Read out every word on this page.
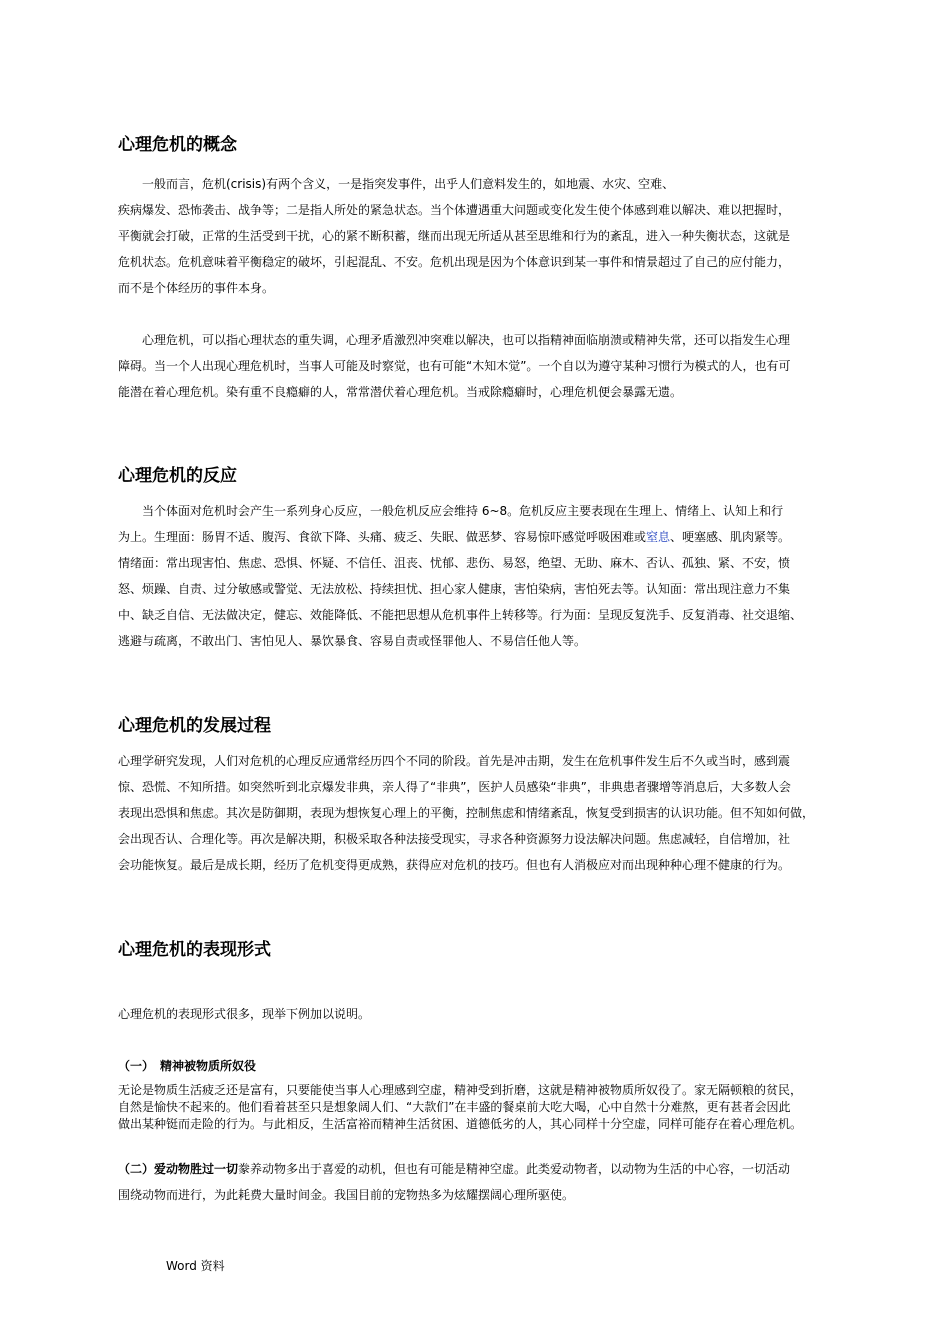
心理危机的概念
　　一般而言，危机(crisis)有两个含义，一是指突发事件，出乎人们意料发生的，如地震、水灾、空难、
疾病爆发、恐怖袭击、战争等；二是指人所处的紧急状态。当个体遭遇重大问题或变化发生使个体感到难以解决、难以把握时，
平衡就会打破，正常的生活受到干扰，心的紧不断积蓄，继而出现无所适从甚至思维和行为的紊乱，进入一种失衡状态，这就是
危机状态。危机意味着平衡稳定的破坏，引起混乱、不安。危机出现是因为个体意识到某一事件和情景超过了自己的应付能力，
而不是个体经历的事件本身。
　　心理危机，可以指心理状态的重失调，心理矛盾激烈冲突难以解决，也可以指精神面临崩溃或精神失常，还可以指发生心理
障碍。当一个人出现心理危机时，当事人可能及时察觉，也有可能“木知木觉”。一个自以为遵守某种习惯行为模式的人，也有可
能潜在着心理危机。染有重不良瘾癖的人，常常潜伏着心理危机。当戒除瘾癖时，心理危机便会暴露无遗。
心理危机的反应
　　当个体面对危机时会产生一系列身心反应，一般危机反应会维持 6~8。危机反应主要表现在生理上、情绪上、认知上和行
为上。生理面：肠胃不适、腹泻、食欲下降、头痛、疲乏、失眠、做恶梦、容易惊吓感觉呼吸困难或窒息、哽塞感、肌肉紧等。
情绪面：常出现害怕、焦虑、恐惧、怀疑、不信任、沮丧、忧郁、悲伤、易怒，绝望、无助、麻木、否认、孤独、紧、不安，愤
怒、烦躁、自责、过分敏感或警觉、无法放松、持续担忧、担心家人健康，害怕染病，害怕死去等。认知面：常出现注意力不集
中、缺乏自信、无法做决定，健忘、效能降低、不能把思想从危机事件上转移等。行为面：呈现反复洗手、反复消毒、社交退缩、
逃避与疏离，不敢出门、害怕见人、暴饮暴食、容易自责或怪罪他人、不易信任他人等。
心理危机的发展过程
心理学研究发现，人们对危机的心理反应通常经历四个不同的阶段。首先是冲击期，发生在危机事件发生后不久或当时，感到震
惊、恐慌、不知所措。如突然听到北京爆发非典，亲人得了“非典”，医护人员感染“非典”，非典患者骤增等消息后，大多数人会
表现出恐惧和焦虑。其次是防御期，表现为想恢复心理上的平衡，控制焦虑和情绪紊乱，恢复受到损害的认识功能。但不知如何做，
会出现否认、合理化等。再次是解决期，积极采取各种法接受现实，寻求各种资源努力设法解决问题。焦虑减轻，自信增加，社
会功能恢复。最后是成长期，经历了危机变得更成熟，获得应对危机的技巧。但也有人消极应对而出现种种心理不健康的行为。
心理危机的表现形式
心理危机的表现形式很多，现举下例加以说明。
（一）　精神被物质所奴役
无论是物质生活疲乏还是富有，只要能使当事人心理感到空虚，精神受到折磨，这就是精神被物质所奴役了。家无隔顿粮的贫民，
自然是愉快不起来的。他们看着甚至只是想象阔人们、“大款们”在丰盛的餐桌前大吃大喝，心中自然十分难熬，更有甚者会因此
做出某种铤而走险的行为。与此相反，生活富裕而精神生活贫困、道德低劣的人，其心同样十分空虚，同样可能存在着心理危机。
（二）爱动物胜过一切豢养动物多出于喜爱的动机，但也有可能是精神空虚。此类爱动物者，以动物为生活的中心容，一切活动
围绕动物而进行，为此耗费大量时间金。我国目前的宠物热多为炫耀摆阔心理所驱使。
Word 资料
